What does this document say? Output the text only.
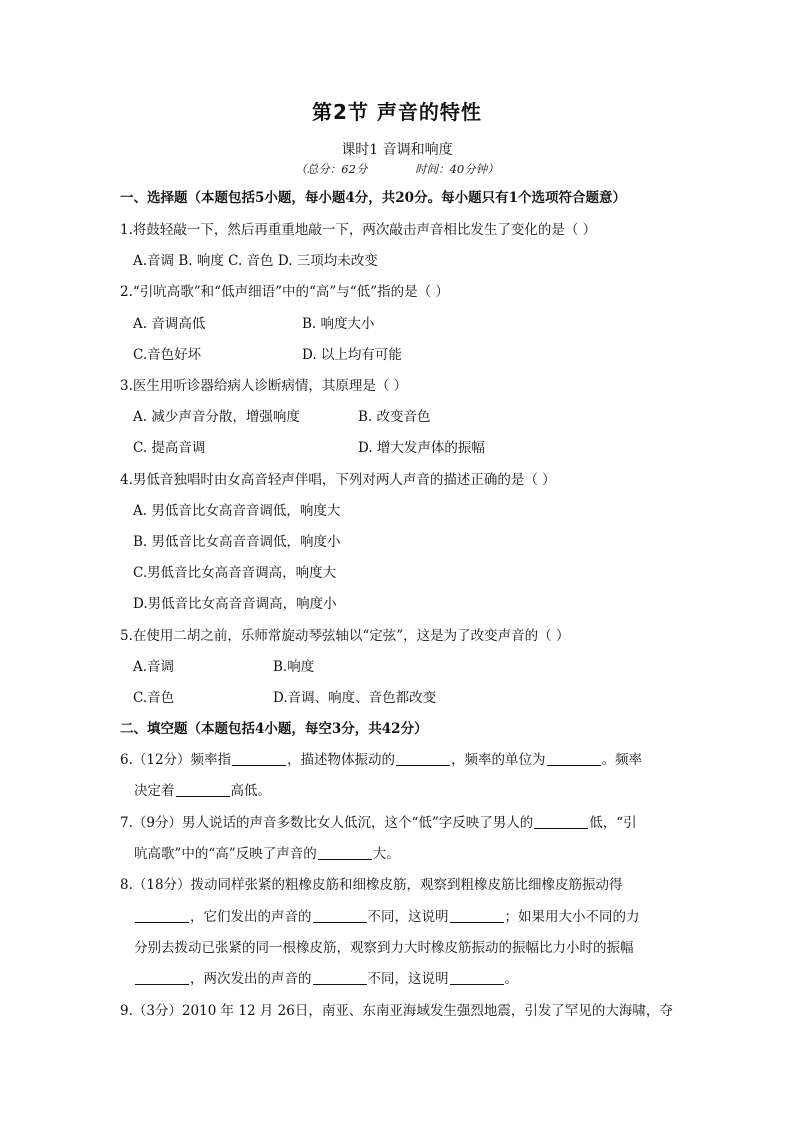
第2节 声音的特性
课时1 音调和响度
（总分：62分	时间：40分钟）
一、选择题（本题包括5小题，每小题4分，共20分。每小题只有1个选项符合题意）
1.将鼓轻敲一下，然后再重重地敲一下，两次敲击声音相比发生了变化的是（ ）
A.音调 B. 响度 C. 音色 D. 三项均未改变
2.“引吭高歌”和“低声细语”中的“高”与“低”指的是（ ）
A. 音调高低	B. 响度大小
C.音色好坏	D. 以上均有可能
3.医生用听诊器给病人诊断病情，其原理是（ ）
A. 减少声音分散，增强响度	B. 改变音色
C. 提高音调	D. 增大发声体的振幅
4.男低音独唱时由女高音轻声伴唱，下列对两人声音的描述正确的是（ ）
A. 男低音比女高音音调低，响度大
B. 男低音比女高音音调低，响度小
C.男低音比女高音音调高，响度大
D.男低音比女高音音调高，响度小
5.在使用二胡之前，乐师常旋动琴弦轴以“定弦”，这是为了改变声音的（ ）
A.音调	B.响度
C.音色	D.音调、响度、音色都改变
二、填空题（本题包括4小题，每空3分，共42分）
6.（12分）频率指	，描述物体振动的	，频率的单位为	。频率
决定着	高低。
7.（9分）男人说话的声音多数比女人低沉，这个“低”字反映了男人的	低，“引
吭高歌”中的“高”反映了声音的	大。
8.（18分）拨动同样张紧的粗橡皮筋和细橡皮筋，观察到粗橡皮筋比细橡皮筋振动得
，它们发出的声音的	不同，这说明	；如果用大小不同的力
分别去拨动已张紧的同一根橡皮筋，观察到力大时橡皮筋振动的振幅比力小时的振幅
，两次发出的声音的	不同，这说明	。
9.（3分）2010 年 12 月 26日，南亚、东南亚海域发生强烈地震，引发了罕见的大海啸，夺
